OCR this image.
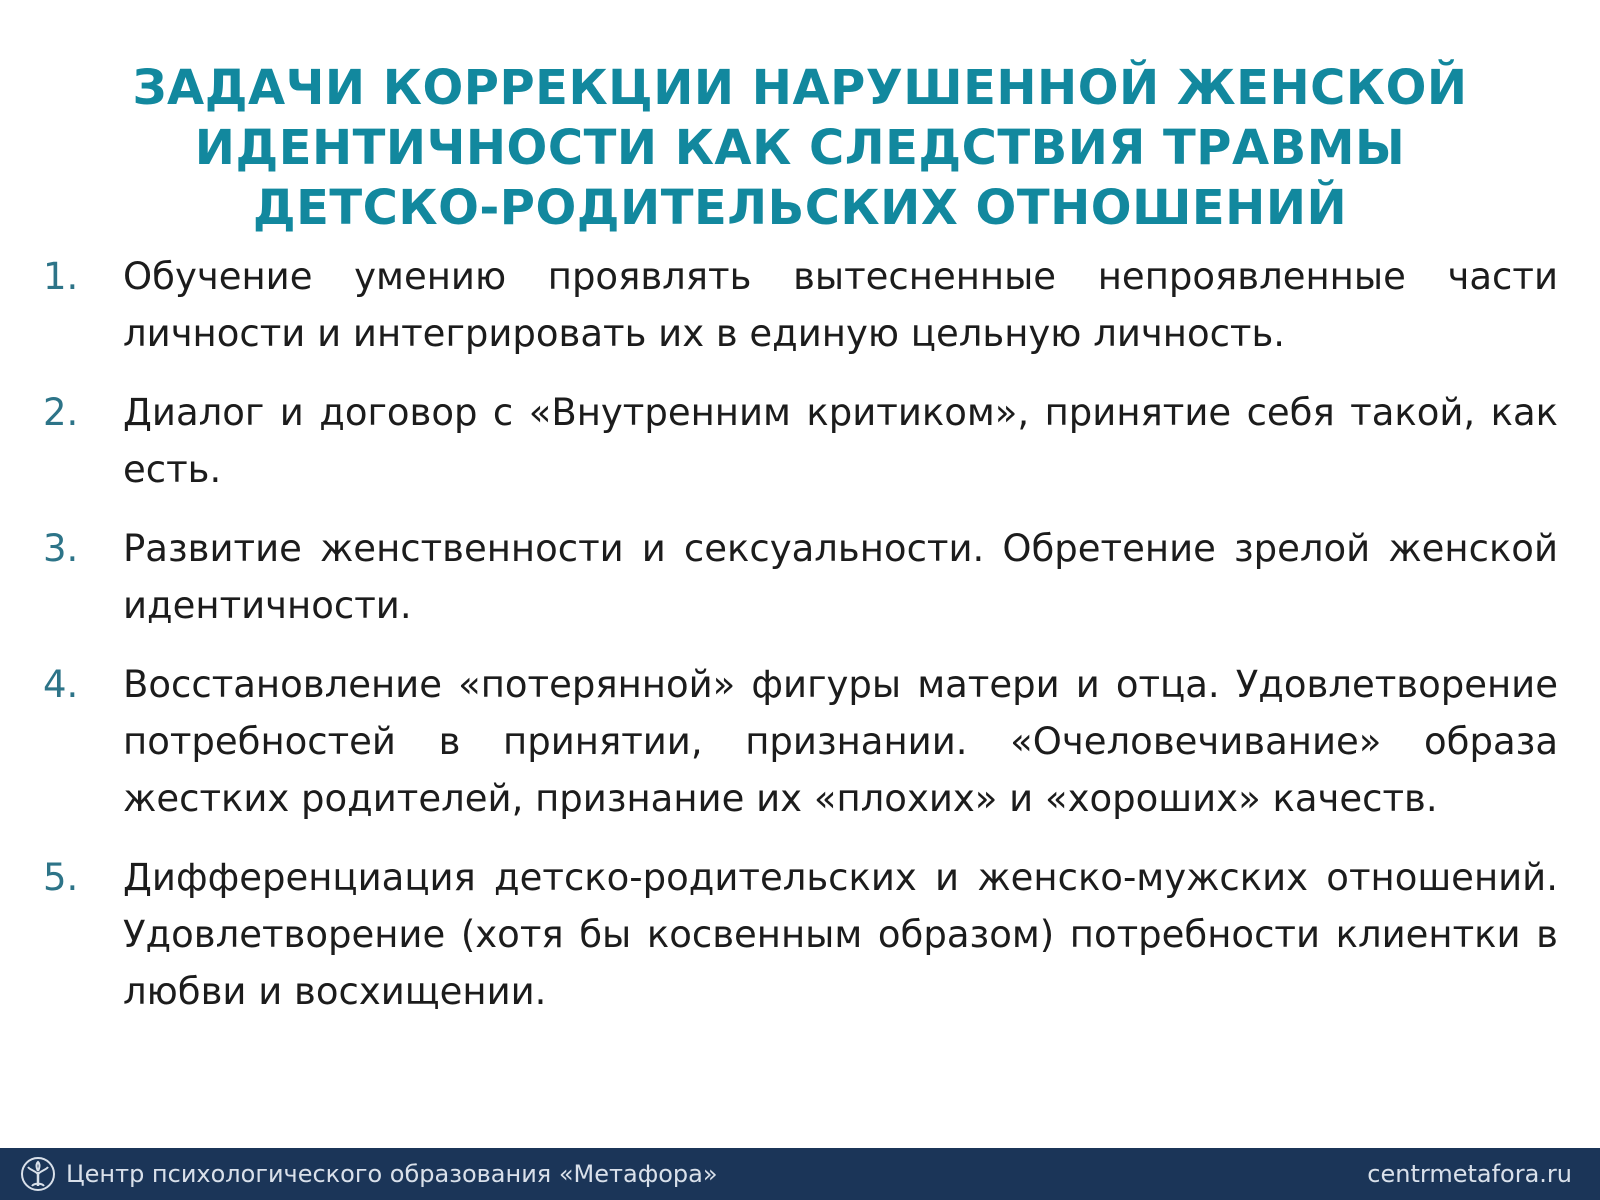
ЗАДАЧИ КОРРЕКЦИИ НАРУШЕННОЙ ЖЕНСКОЙ
ИДЕНТИЧНОСТИ КАК СЛЕДСТВИЯ ТРАВМЫ
ДЕТСКО-РОДИТЕЛЬСКИХ ОТНОШЕНИЙ
1. Обучение умению проявлять вытесненные непроявленные части личности и интегрировать их в единую цельную личность.
2. Диалог и договор с «Внутренним критиком», принятие себя такой, как есть.
3. Развитие женственности и сексуальности. Обретение зрелой женской идентичности.
4. Восстановление «потерянной» фигуры матери и отца. Удовлетворение потребностей в принятии, признании. «Очеловечивание» образа жестких родителей, признание их «плохих» и «хороших» качеств.
5. Дифференциация детско-родительских и женско-мужских отношений. Удовлетворение (хотя бы косвенным образом) потребности клиентки в любви и восхищении.
Центр психологического образования «Метафора»	centrmetafora.ru
